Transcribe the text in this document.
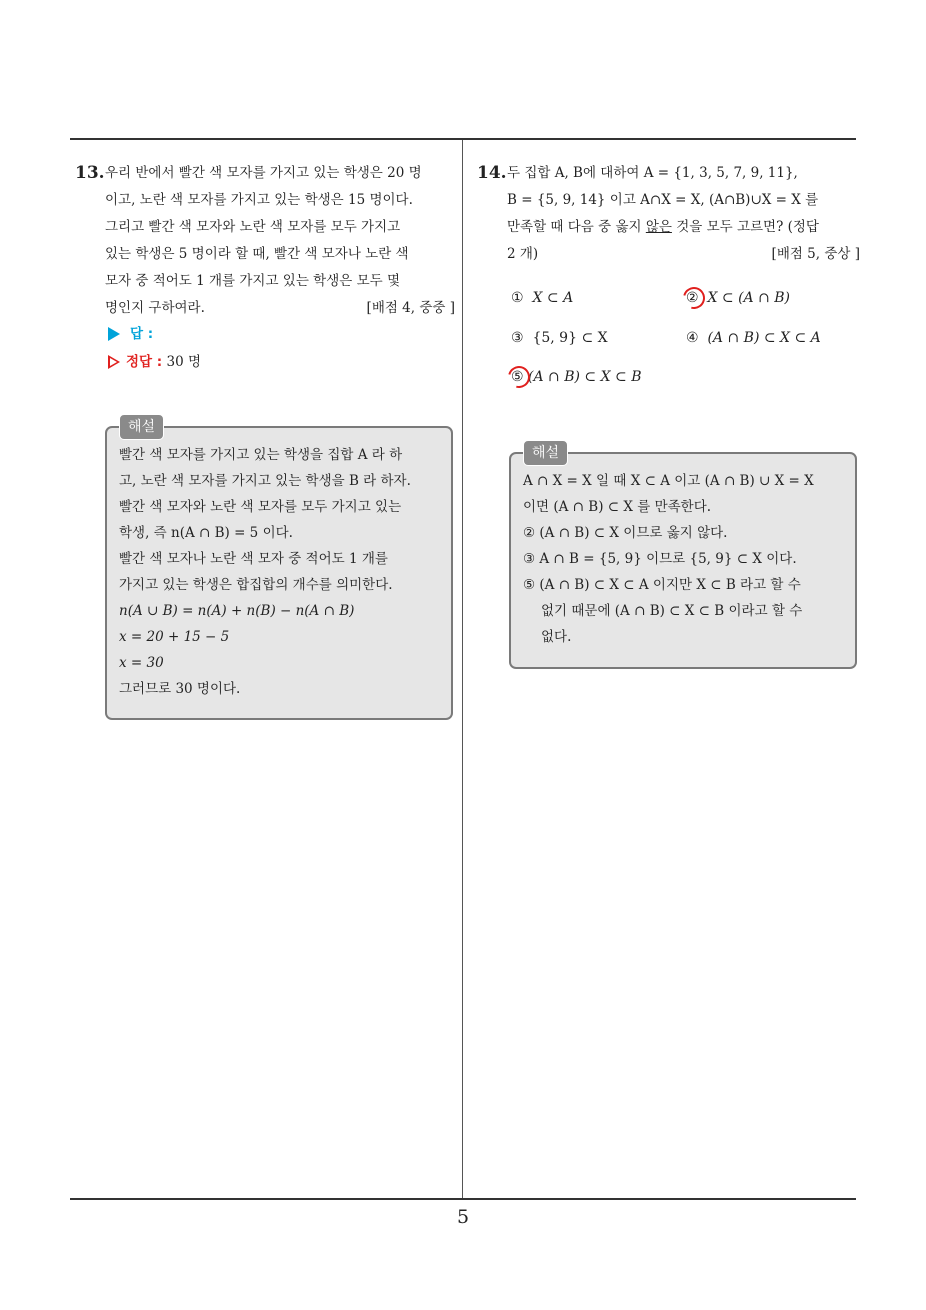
13. 우리 반에서 빨간 색 모자를 가지고 있는 학생은 20 명
이고, 노란 색 모자를 가지고 있는 학생은 15 명이다.
그리고 빨간 색 모자와 노란 색 모자를 모두 가지고
있는 학생은 5 명이라 할 때, 빨간 색 모자나 노란 색
모자 중 적어도 1 개를 가지고 있는 학생은 모두 몇
명인지 구하여라.	[배점 4, 중중 ]
답 :
정답 : 30 명
해설
빨간 색 모자를 가지고 있는 학생을 집합 A 라 하
고, 노란 색 모자를 가지고 있는 학생을 B 라 하자.
빨간 색 모자와 노란 색 모자를 모두 가지고 있는
학생, 즉 n(A ∩ B) = 5 이다.
빨간 색 모자나 노란 색 모자 중 적어도 1 개를
가지고 있는 학생은 합집합의 개수를 의미한다.
n(A ∪ B) = n(A) + n(B) − n(A ∩ B)
x = 20 + 15 − 5
x = 30
그러므로 30 명이다.
14. 두 집합 A, B에 대하여 A = {1, 3, 5, 7, 9, 11},
B = {5, 9, 14} 이고 A∩X = X, (A∩B)∪X = X 를
만족할 때 다음 중 옳지 않은 것을 모두 고르면? (정답
2 개)	[배점 5, 중상 ]
① X ⊂ A	② X ⊂ (A ∩ B)
③ {5, 9} ⊂ X	④ (A ∩ B) ⊂ X ⊂ A
⑤ (A ∩ B) ⊂ X ⊂ B
해설
A ∩ X = X 일 때 X ⊂ A 이고 (A ∩ B) ∪ X = X
이면 (A ∩ B) ⊂ X 를 만족한다.
② (A ∩ B) ⊂ X 이므로 옳지 않다.
③ A ∩ B = {5, 9} 이므로 {5, 9} ⊂ X 이다.
⑤ (A ∩ B) ⊂ X ⊂ A 이지만 X ⊂ B 라고 할 수
없기 때문에 (A ∩ B) ⊂ X ⊂ B 이라고 할 수
없다.
5
